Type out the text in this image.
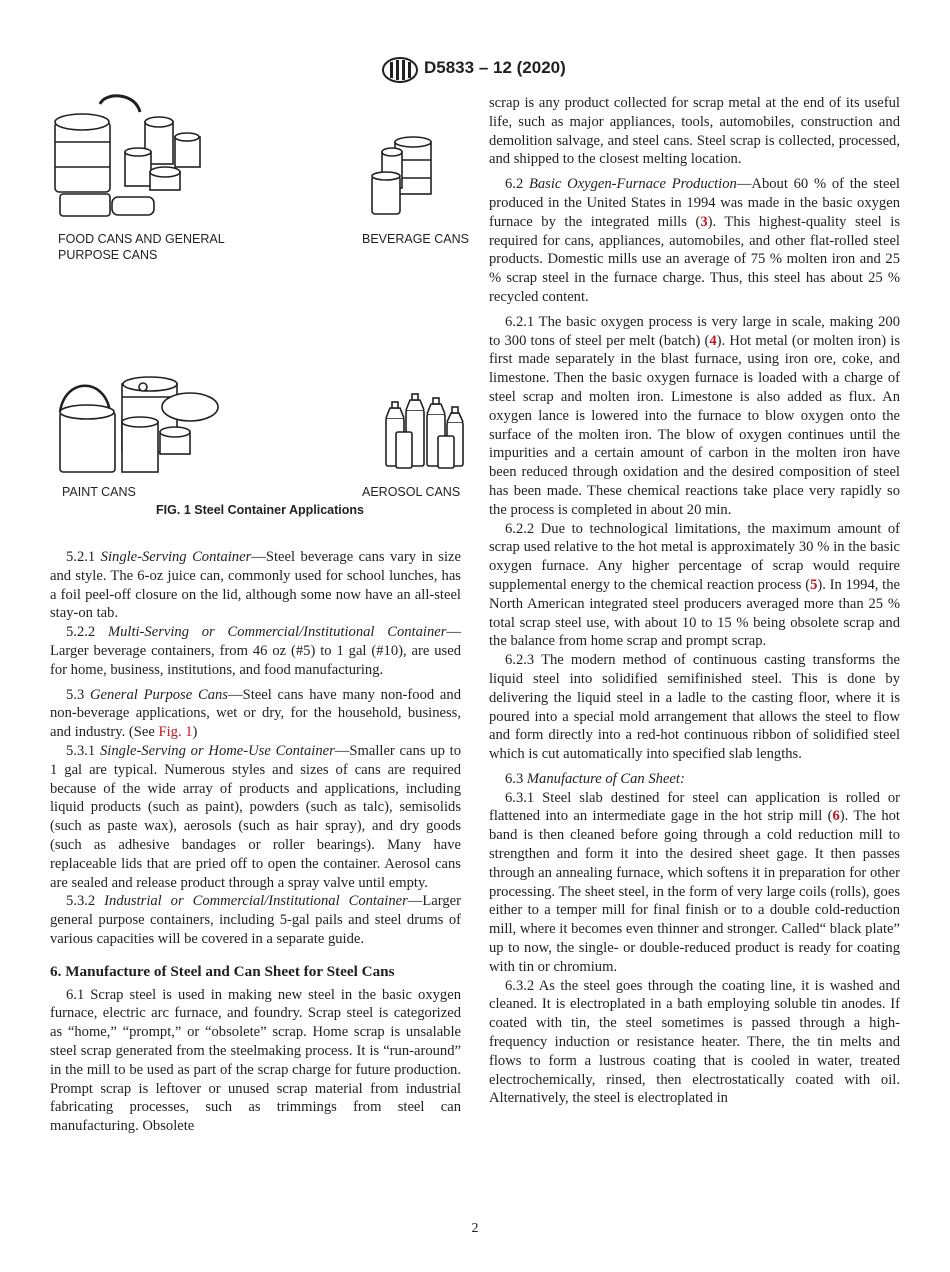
D5833 – 12 (2020)
FOOD CANS AND GENERAL PURPOSE CANS
BEVERAGE CANS
PAINT CANS	AEROSOL CANS
FIG. 1 Steel Container Applications

5.2.1 Single-Serving Container—Steel beverage cans vary in size and style. The 6-oz juice can, commonly used for school lunches, has a foil peel-off closure on the lid, although some now have an all-steel stay-on tab.

5.2.2 Multi-Serving or Commercial/Institutional Container—Larger beverage containers, from 46 oz (#5) to 1 gal (#10), are used for home, business, institutions, and food manufacturing.

5.3 General Purpose Cans—Steel cans have many non-food and non-beverage applications, wet or dry, for the household, business, and industry. (See Fig. 1)

5.3.1 Single-Serving or Home-Use Container—Smaller cans up to 1 gal are typical. Numerous styles and sizes of cans are required because of the wide array of products and applications, including liquid products (such as paint), powders (such as talc), semisolids (such as paste wax), aerosols (such as hair spray), and dry goods (such as adhesive bandages or roller bearings). Many have replaceable lids that are pried off to open the container. Aerosol cans are sealed and release product through a spray valve until empty.

5.3.2 Industrial or Commercial/Institutional Container—Larger general purpose containers, including 5-gal pails and steel drums of various capacities will be covered in a separate guide.

6. Manufacture of Steel and Can Sheet for Steel Cans

6.1 Scrap steel is used in making new steel in the basic oxygen furnace, electric arc furnace, and foundry. Scrap steel is categorized as “home,” “prompt,” or “obsolete” scrap. Home scrap is unsalable steel scrap generated from the steelmaking process. It is “run-around” in the mill to be used as part of the scrap charge for future production. Prompt scrap is leftover or unused scrap material from industrial fabricating processes, such as trimmings from steel can manufacturing. Obsolete

scrap is any product collected for scrap metal at the end of its useful life, such as major appliances, tools, automobiles, construction and demolition salvage, and steel cans. Steel scrap is collected, processed, and shipped to the closest melting location.

6.2 Basic Oxygen-Furnace Production—About 60 % of the steel produced in the United States in 1994 was made in the basic oxygen furnace by the integrated mills (3). This highest-quality steel is required for cans, appliances, automobiles, and other flat-rolled steel products. Domestic mills use an average of 75 % molten iron and 25 % scrap steel in the furnace charge. Thus, this steel has about 25 % recycled content.

6.2.1 The basic oxygen process is very large in scale, making 200 to 300 tons of steel per melt (batch) (4). Hot metal (or molten iron) is first made separately in the blast furnace, using iron ore, coke, and limestone. Then the basic oxygen furnace is loaded with a charge of steel scrap and molten iron. Limestone is also added as flux. An oxygen lance is lowered into the furnace to blow oxygen onto the surface of the molten iron. The blow of oxygen continues until the impurities and a certain amount of carbon in the molten iron have been reduced through oxidation and the desired composition of steel has been made. These chemical reactions take place very rapidly so the process is completed in about 20 min.

6.2.2 Due to technological limitations, the maximum amount of scrap used relative to the hot metal is approximately 30 % in the basic oxygen furnace. Any higher percentage of scrap would require supplemental energy to the chemical reaction process (5). In 1994, the North American integrated steel producers averaged more than 25 % total scrap steel use, with about 10 to 15 % being obsolete scrap and the balance from home scrap and prompt scrap.

6.2.3 The modern method of continuous casting transforms the liquid steel into solidified semifinished steel. This is done by delivering the liquid steel in a ladle to the casting floor, where it is poured into a special mold arrangement that allows the steel to flow and form directly into a red-hot continuous ribbon of solidified steel which is cut automatically into specified slab lengths.

6.3 Manufacture of Can Sheet:

6.3.1 Steel slab destined for steel can application is rolled or flattened into an intermediate gage in the hot strip mill (6). The hot band is then cleaned before going through a cold reduction mill to strengthen and form it into the desired sheet gage. It then passes through an annealing furnace, which softens it in preparation for other processing. The sheet steel, in the form of very large coils (rolls), goes either to a temper mill for final finish or to a double cold-reduction mill, where it becomes even thinner and stronger. Called“ black plate” up to now, the single- or double-reduced product is ready for coating with tin or chromium.

6.3.2 As the steel goes through the coating line, it is washed and cleaned. It is electroplated in a bath employing soluble tin anodes. If coated with tin, the steel sometimes is passed through a high-frequency induction or resistance heater. There, the tin melts and flows to form a lustrous coating that is cooled in water, treated electrochemically, rinsed, then electrostatically coated with oil. Alternatively, the steel is electroplated in

2
